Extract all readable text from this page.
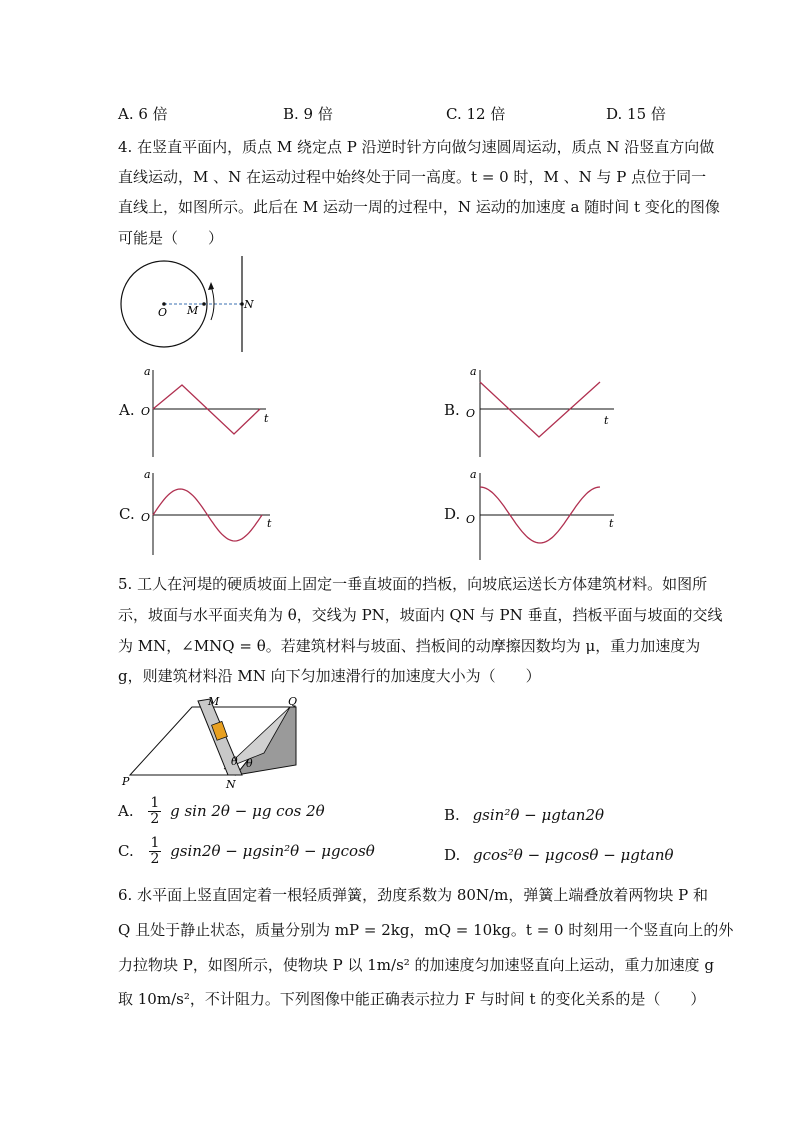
A. 6 倍	B. 9 倍	C. 12 倍	D. 15 倍
4. 在竖直平面内，质点 M 绕定点 P 沿逆时针方向做匀速圆周运动，质点 N 沿竖直方向做
直线运动，M 、N 在运动过程中始终处于同一高度。t = 0 时，M 、N 与 P 点位于同一
直线上，如图所示。此后在 M 运动一周的过程中，N 运动的加速度 a 随时间 t 变化的图像
可能是（　　）
O M	N
A.
a
O
t	B.
a
O
t
C.
a
O	t
D.
a
O	t
5. 工人在河堤的硬质坡面上固定一垂直坡面的挡板，向坡底运送长方体建筑材料。如图所
示，坡面与水平面夹角为 θ，交线为 PN，坡面内 QN 与 PN 垂直，挡板平面与坡面的交线
为 MN，∠MNQ = θ。若建筑材料与坡面、挡板间的动摩擦因数均为 μ，重力加速度为
g，则建筑材料沿 MN 向下匀加速滑行的加速度大小为（　　）
M	Q
P	N
θ θ
A. $\frac{1}{2}$ g sin 2θ − μg cos 2θ	B. gsin²θ − μgtan2θ
C. $\frac{1}{2} gsin2\theta - \mu gsin^2\theta - \mu gcos\theta$	D. gcos²θ − μgcosθ − μgtanθ
6. 水平面上竖直固定着一根轻质弹簧，劲度系数为 80N/m，弹簧上端叠放着两物块 P 和
Q 且处于静止状态，质量分别为 mP = 2kg，mQ = 10kg。t = 0 时刻用一个竖直向上的外
力拉物块 P，如图所示，使物块 P 以 1m/s² 的加速度匀加速竖直向上运动，重力加速度 g
取 10m/s²，不计阻力。下列图像中能正确表示拉力 F 与时间 t 的变化关系的是（　　）
